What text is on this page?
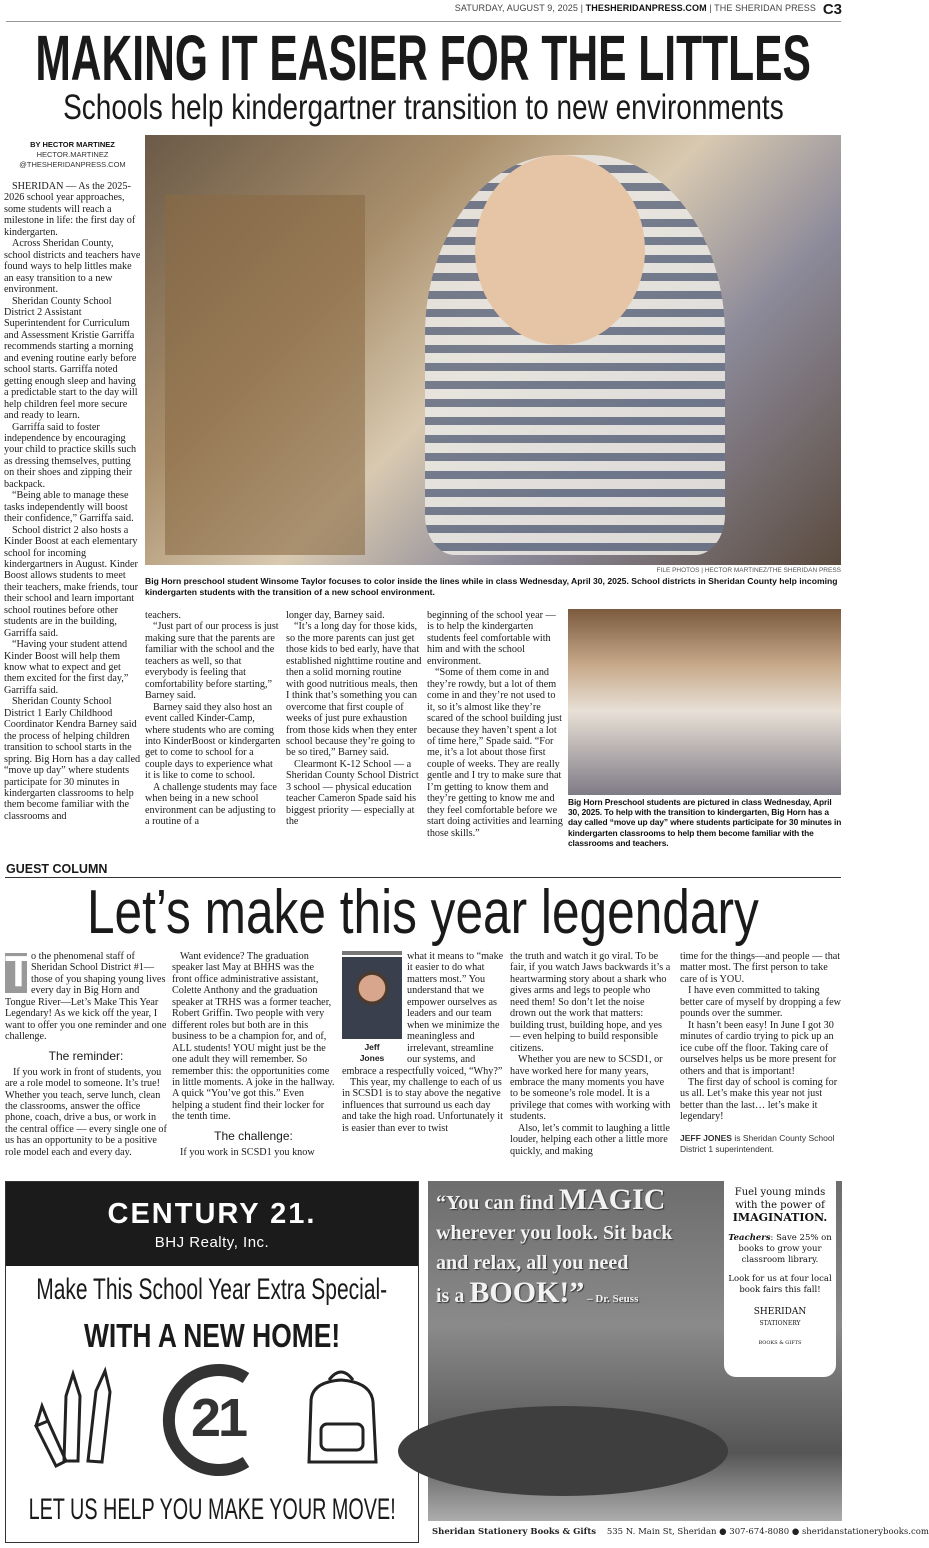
SATURDAY, AUGUST 9, 2025 | THESHERIDANPRESS.COM | THE SHERIDAN PRESS C3
MAKING IT EASIER FOR THE LITTLES
Schools help kindergartner transition to new environments
BY HECTOR MARTINEZ
HECTOR.MARTINEZ
@THESHERIDANPRESS.COM

SHERIDAN — As the 2025-2026 school year approaches, some students will reach a milestone in life: the first day of kindergarten.

Across Sheridan County, school districts and teachers have found ways to help littles make an easy transition to a new environment.

Sheridan County School District 2 Assistant Superintendent for Curriculum and Assessment Kristie Garriffa recommends starting a morning and evening routine early before school starts. Garriffa noted getting enough sleep and having a predictable start to the day will help children feel more secure and ready to learn.

Garriffa said to foster independence by encouraging your child to practice skills such as dressing themselves, putting on their shoes and zipping their backpack.

“Being able to manage these tasks independently will boost their confidence,” Garriffa said.

School district 2 also hosts a Kinder Boost at each elementary school for incoming kindergartners in August. Kinder Boost allows students to meet their teachers, make friends, tour their school and learn important school routines before other students are in the building, Garriffa said.

“Having your student attend Kinder Boost will help them know what to expect and get them excited for the first day,” Garriffa said.

Sheridan County School District 1 Early Childhood Coordinator Kendra Barney said the process of helping children transition to school starts in the spring. Big Horn has a day called “move up day” where students participate for 30 minutes in kindergarten classrooms to help them become familiar with the classrooms and

FILE PHOTOS | HECTOR MARTINEZ/THE SHERIDAN PRESS
Big Horn preschool student Winsome Taylor focuses to color inside the lines while in class Wednesday, April 30, 2025. School districts in Sheridan County help incoming kindergarten students with the transition of a new school environment.

teachers.

“Just part of our process is just making sure that the parents are familiar with the school and the teachers as well, so that everybody is feeling that comfortability before starting,” Barney said.

Barney said they also host an event called Kinder-Camp, where students who are coming into KinderBoost or kindergarten get to come to school for a couple days to experience what it is like to come to school.

A challenge students may face when being in a new school environment can be adjusting to a routine of a

longer day, Barney said.

“It’s a long day for those kids, so the more parents can just get those kids to bed early, have that established nighttime routine and then a solid morning routine with good nutritious meals, then I think that’s something you can overcome that first couple of weeks of just pure exhaustion from those kids when they enter school because they’re going to be so tired,” Barney said.

Clearmont K-12 School — a Sheridan County School District 3 school — physical education teacher Cameron Spade said his biggest priority — especially at the

beginning of the school year — is to help the kindergarten students feel comfortable with him and with the school environment.

“Some of them come in and they’re rowdy, but a lot of them come in and they’re not used to it, so it’s almost like they’re scared of the school building just because they haven’t spent a lot of time here,” Spade said. “For me, it’s a lot about those first couple of weeks. They are really gentle and I try to make sure that I’m getting to know them and they’re getting to know me and they feel comfortable before we start doing activities and learning those skills.”

Big Horn Preschool students are pictured in class Wednesday, April 30, 2025. To help with the transition to kindergarten, Big Horn has a day called “move up day” where students participate for 30 minutes in kindergarten classrooms to help them become familiar with the classrooms and teachers.
GUEST COLUMN
Let’s make this year legendary
T o the phenomenal staff of Sheridan School District #1—those of you shaping young lives every day in Big Horn and Tongue River—Let’s Make This Year Legendary! As we kick off the year, I want to offer you one reminder and one challenge.

The reminder:

If you work in front of students, you are a role model to someone. It’s true! Whether you teach, serve lunch, clean the classrooms, answer the office phone, coach, drive a bus, or work in the central office — every single one of us has an opportunity to be a positive role model each and every day.

Want evidence? The graduation speaker last May at BHHS was the front office administrative assistant, Colette Anthony and the graduation speaker at TRHS was a former teacher, Robert Griffin. Two people with very different roles but both are in this business to be a champion for, and of, ALL students! YOU might just be the one adult they will remember. So remember this: the opportunities come in little moments. A joke in the hallway. A quick “You’ve got this.” Even helping a student find their locker for the tenth time.

The challenge:

If you work in SCSD1 you know

Jeff
Jones

what it means to “make it easier to do what matters most.” You understand that we empower ourselves as leaders and our team when we minimize the meaningless and irrelevant, streamline our systems, and embrace a respectfully voiced, “Why?”

This year, my challenge to each of us in SCSD1 is to stay above the negative influences that surround us each day and take the high road. Unfortunately it is easier than ever to twist

the truth and watch it go viral. To be fair, if you watch Jaws backwards it’s a heartwarming story about a shark who gives arms and legs to people who need them! So don’t let the noise drown out the work that matters: building trust, building hope, and yes — even helping to build responsible citizens.

Whether you are new to SCSD1, or have worked here for many years, embrace the many moments you have to be someone’s role model. It is a privilege that comes with working with students.

Also, let’s commit to laughing a little louder, helping each other a little more quickly, and making

time for the things—and people — that matter most. The first person to take care of is YOU.

I have even committed to taking better care of myself by dropping a few pounds over the summer.

It hasn’t been easy! In June I got 30 minutes of cardio trying to pick up an ice cube off the floor. Taking care of ourselves helps us be more present for others and that is important!

The first day of school is coming for us all. Let’s make this year not just better than the last… let’s make it legendary!

JEFF JONES is Sheridan County School District 1 superintendent.
CENTURY 21.
BHJ Realty, Inc.
Make This School Year Extra Special-
WITH A NEW HOME!
21
LET US HELP YOU MAKE YOUR MOVE!
“You can find MAGIC
wherever you look. Sit back
and relax, all you need
is a BOOK!” – Dr. Seuss
Fuel young minds with the power of
IMAGINATION.
Teachers: Save 25% on books to grow your classroom library.
Look for us at four local book fairs this fall!
SHERIDAN
STATIONERY
BOOKS & GIFTS
Sheridan Stationery Books & Gifts 535 N. Main St, Sheridan ● 307-674-8080 ● sheridanstationerybooks.com
